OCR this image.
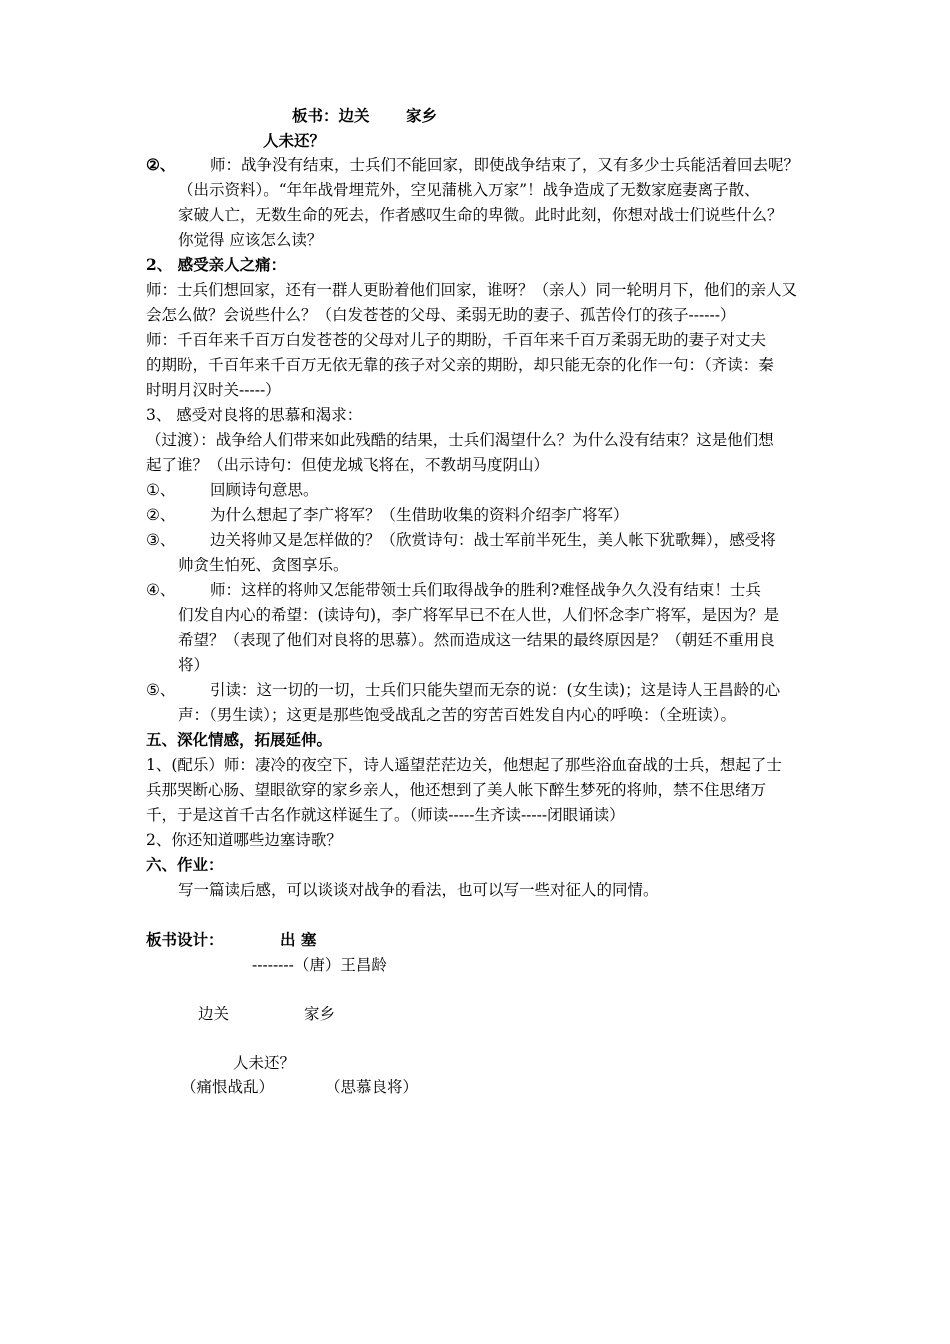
板书：边关 家乡
人未还？
②、 师：战争没有结束，士兵们不能回家，即使战争结束了，又有多少士兵能活着回去呢？
（出示资料）。“年年战骨埋荒外，空见蒲桃入万家”！战争造成了无数家庭妻离子散、
家破人亡，无数生命的死去，作者感叹生命的卑微。此时此刻，你想对战士们说些什么？
你觉得 应该怎么读？
2、 感受亲人之痛：
师：士兵们想回家，还有一群人更盼着他们回家，谁呀？（亲人）同一轮明月下，他们的亲人又
会怎么做？会说些什么？（白发苍苍的父母、柔弱无助的妻子、孤苦伶仃的孩子------）
师：千百年来千百万白发苍苍的父母对儿子的期盼，千百年来千百万柔弱无助的妻子对丈夫
的期盼，千百年来千百万无依无靠的孩子对父亲的期盼，却只能无奈的化作一句：（齐读：秦
时明月汉时关-----）
3、 感受对良将的思慕和渴求：
（过渡）：战争给人们带来如此残酷的结果，士兵们渴望什么？为什么没有结束？这是他们想
起了谁？（出示诗句：但使龙城飞将在，不教胡马度阴山）
①、 回顾诗句意思。
②、 为什么想起了李广将军？（生借助收集的资料介绍李广将军）
③、 边关将帅又是怎样做的？（欣赏诗句：战士军前半死生，美人帐下犹歌舞），感受将
帅贪生怕死、贪图享乐。
④、 师：这样的将帅又怎能带领士兵们取得战争的胜利?难怪战争久久没有结束！士兵
们发自内心的希望：(读诗句)，李广将军早已不在人世，人们怀念李广将军，是因为？是
希望？（表现了他们对良将的思慕）。然而造成这一结果的最终原因是？（朝廷不重用良
将）
⑤、 引读：这一切的一切，士兵们只能失望而无奈的说：(女生读)；这是诗人王昌龄的心
声：（男生读）；这更是那些饱受战乱之苦的穷苦百姓发自内心的呼唤：（全班读）。
五、深化情感，拓展延伸。
1、(配乐）师：凄冷的夜空下，诗人遥望茫茫边关，他想起了那些浴血奋战的士兵，想起了士
兵那哭断心肠、望眼欲穿的家乡亲人，他还想到了美人帐下醉生梦死的将帅，禁不住思绪万
千，于是这首千古名作就这样诞生了。（师读-----生齐读-----闭眼诵读）
2、你还知道哪些边塞诗歌？
六、作业：
写一篇读后感，可以谈谈对战争的看法，也可以写一些对征人的同情。
板书设计：	出 塞
--------（唐）王昌龄
边关	家乡
人未还？
（痛恨战乱）	（思慕良将）
